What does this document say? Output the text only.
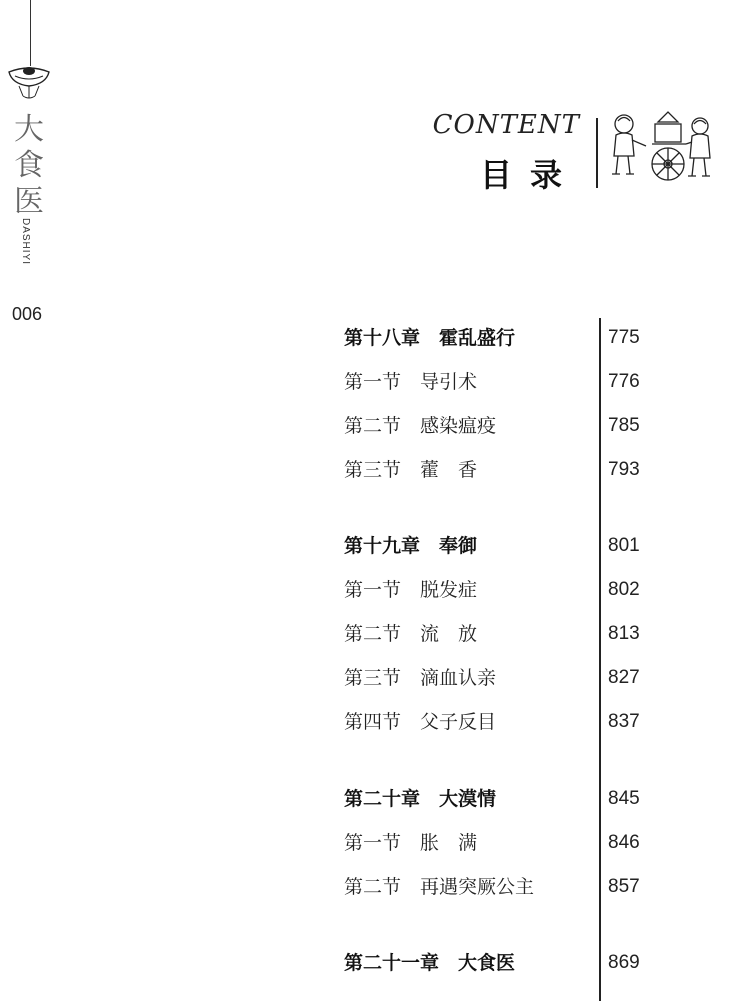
大
食
医
DASHIYI
006
CONTENT
目录
第十八章　霍乱盛行	775
第一节　导引术	776
第二节　感染瘟疫	785
第三节　藿　香	793
第十九章　奉御	801
第一节　脱发症	802
第二节　流　放	813
第三节　滴血认亲	827
第四节　父子反目	837
第二十章　大漠情	845
第一节　胀　满	846
第二节　再遇突厥公主	857
第二十一章　大食医	869
